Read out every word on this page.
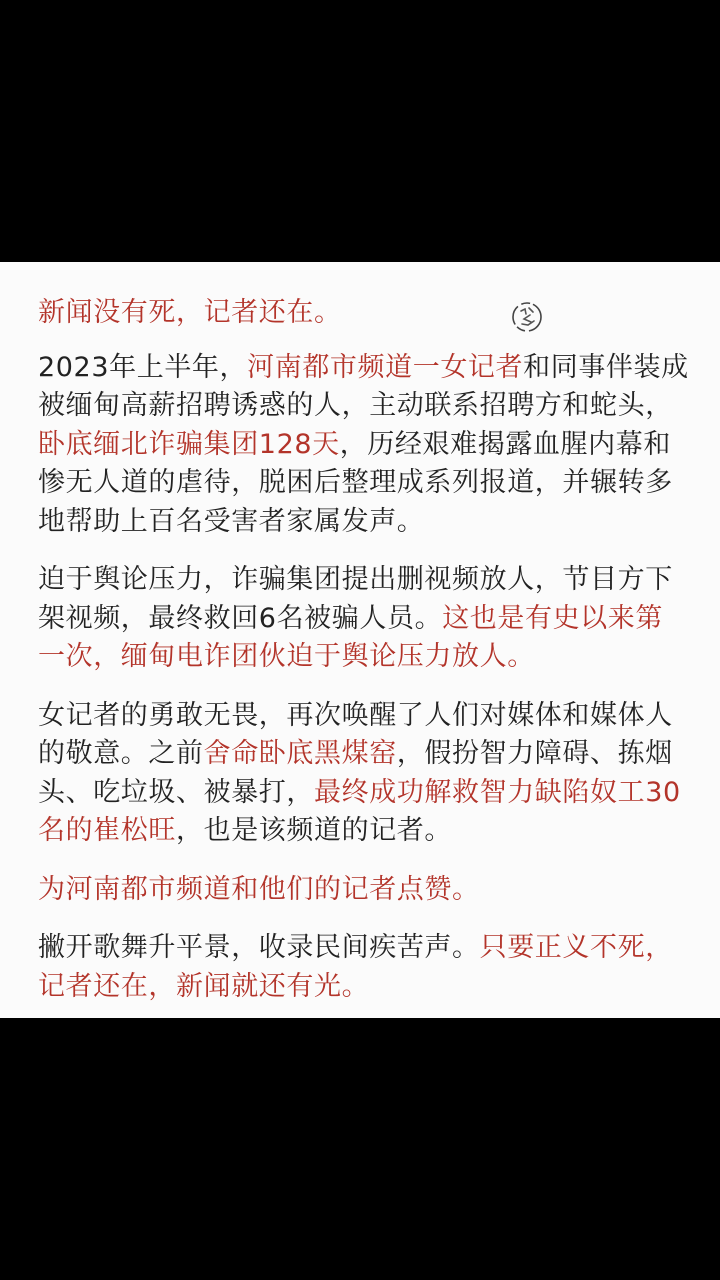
新闻没有死，记者还在。

2023年上半年，河南都市频道一女记者和同事伴装成被缅甸高薪招聘诱惑的人，主动联系招聘方和蛇头，卧底缅北诈骗集团128天，历经艰难揭露血腥内幕和惨无人道的虐待，脱困后整理成系列报道，并辗转多地帮助上百名受害者家属发声。

迫于舆论压力，诈骗集团提出删视频放人，节目方下架视频，最终救回6名被骗人员。这也是有史以来第一次，缅甸电诈团伙迫于舆论压力放人。

女记者的勇敢无畏，再次唤醒了人们对媒体和媒体人的敬意。之前舍命卧底黑煤窑，假扮智力障碍、拣烟头、吃垃圾、被暴打，最终成功解救智力缺陷奴工30名的崔松旺，也是该频道的记者。

为河南都市频道和他们的记者点赞。

撇开歌舞升平景，收录民间疾苦声。只要正义不死，记者还在，新闻就还有光。
